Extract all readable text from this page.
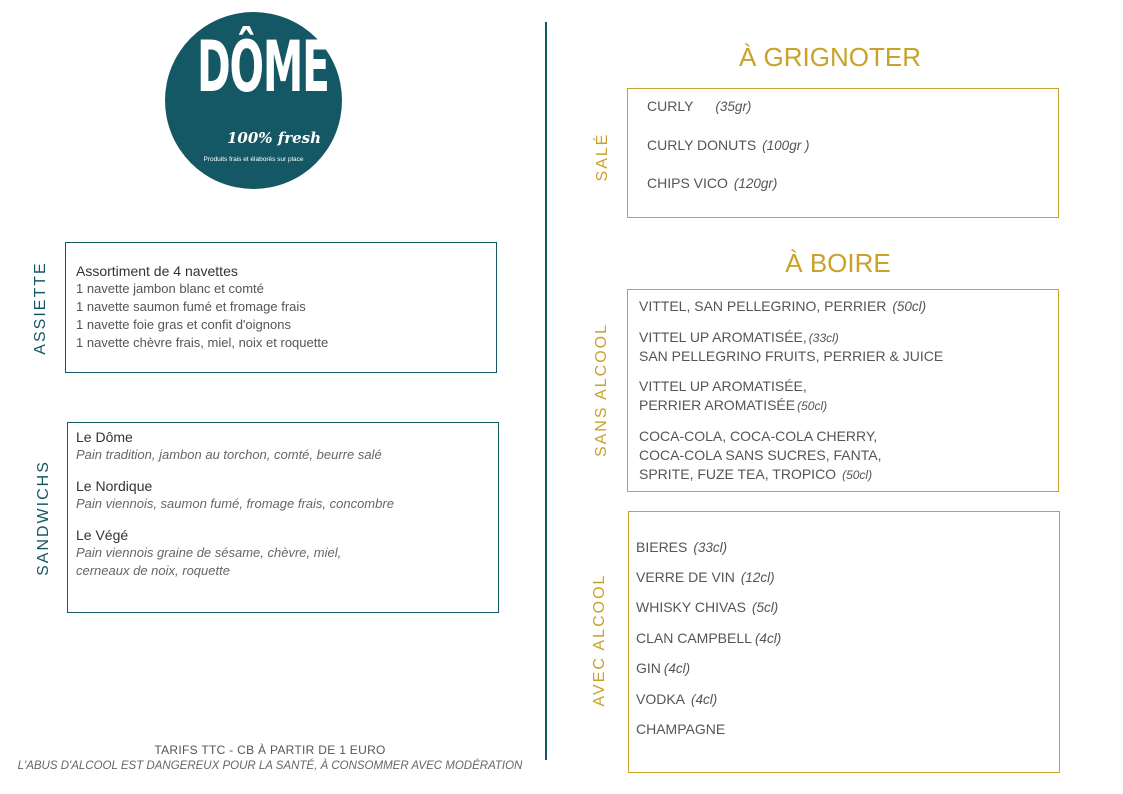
DÔME
100% fresh
Produits frais et élaborés sur place
ASSIETTE Assortiment de 4 navettes
1 navette jambon blanc et comté
1 navette saumon fumé et fromage frais
1 navette foie gras et confit d'oignons
1 navette chèvre frais, miel, noix et roquette
SANDWICHS
Le Dôme
Pain tradition, jambon au torchon, comté, beurre salé
Le Nordique
Pain viennois, saumon fumé, fromage frais, concombre
Le Végé
Pain viennois graine de sésame, chèvre, miel,
cerneaux de noix, roquette
TARIFS TTC - CB À PARTIR DE 1 EURO
L'ABUS D'ALCOOL EST DANGEREUX POUR LA SANTÉ, À CONSOMMER AVEC MODÉRATION
À GRIGNOTER
SALÉ
CURLY (35gr)
CURLY DONUTS (100gr )
CHIPS VICO (120gr)
À BOIRE
SANS ALCOOL
VITTEL, SAN PELLEGRINO, PERRIER (50cl)
VITTEL UP AROMATISÉE, (33cl)
SAN PELLEGRINO FRUITS, PERRIER & JUICE
VITTEL UP AROMATISÉE,
PERRIER AROMATISÉE (50cl)
COCA-COLA, COCA-COLA CHERRY,
COCA-COLA SANS SUCRES, FANTA,
SPRITE, FUZE TEA, TROPICO (50cl)
AVEC ALCOOL
BIERES (33cl)
VERRE DE VIN (12cl)
WHISKY CHIVAS (5cl)
CLAN CAMPBELL (4cl)
GIN (4cl)
VODKA (4cl)
CHAMPAGNE
